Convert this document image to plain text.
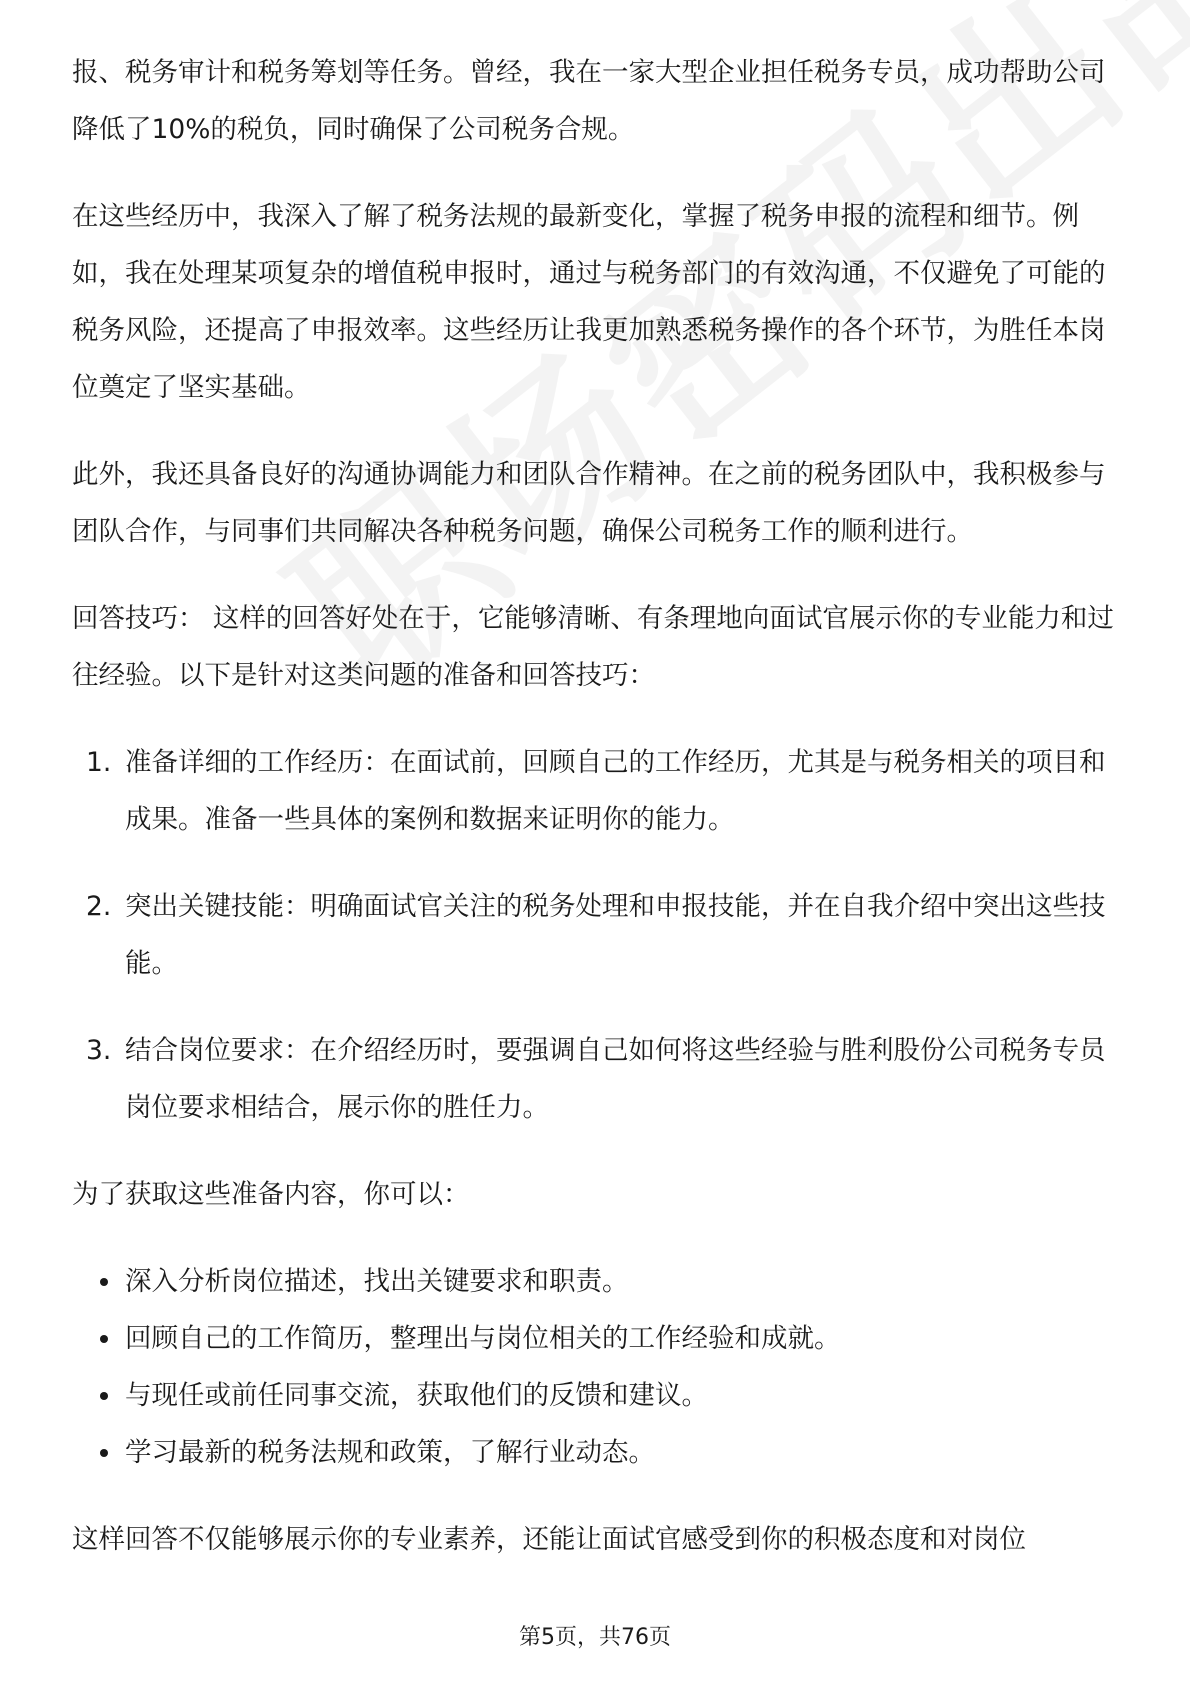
报、税务审计和税务筹划等任务。曾经，我在一家大型企业担任税务专员，成功帮助公司降低了10%的税负，同时确保了公司税务合规。

在这些经历中，我深入了解了税务法规的最新变化，掌握了税务申报的流程和细节。例如，我在处理某项复杂的增值税申报时，通过与税务部门的有效沟通，不仅避免了可能的税务风险，还提高了申报效率。这些经历让我更加熟悉税务操作的各个环节，为胜任本岗位奠定了坚实基础。

此外，我还具备良好的沟通协调能力和团队合作精神。在之前的税务团队中，我积极参与团队合作，与同事们共同解决各种税务问题，确保公司税务工作的顺利进行。

回答技巧： 这样的回答好处在于，它能够清晰、有条理地向面试官展示你的专业能力和过往经验。以下是针对这类问题的准备和回答技巧：

1. 准备详细的工作经历：在面试前，回顾自己的工作经历，尤其是与税务相关的项目和成果。准备一些具体的案例和数据来证明你的能力。
2. 突出关键技能：明确面试官关注的税务处理和申报技能，并在自我介绍中突出这些技能。
3. 结合岗位要求：在介绍经历时，要强调自己如何将这些经验与胜利股份公司税务专员岗位要求相结合，展示你的胜任力。

为了获取这些准备内容，你可以：

深入分析岗位描述，找出关键要求和职责。
回顾自己的工作简历，整理出与岗位相关的工作经验和成就。
与现任或前任同事交流，获取他们的反馈和建议。
学习最新的税务法规和政策，了解行业动态。

这样回答不仅能够展示你的专业素养，还能让面试官感受到你的积极态度和对岗位

第5页，共76页
